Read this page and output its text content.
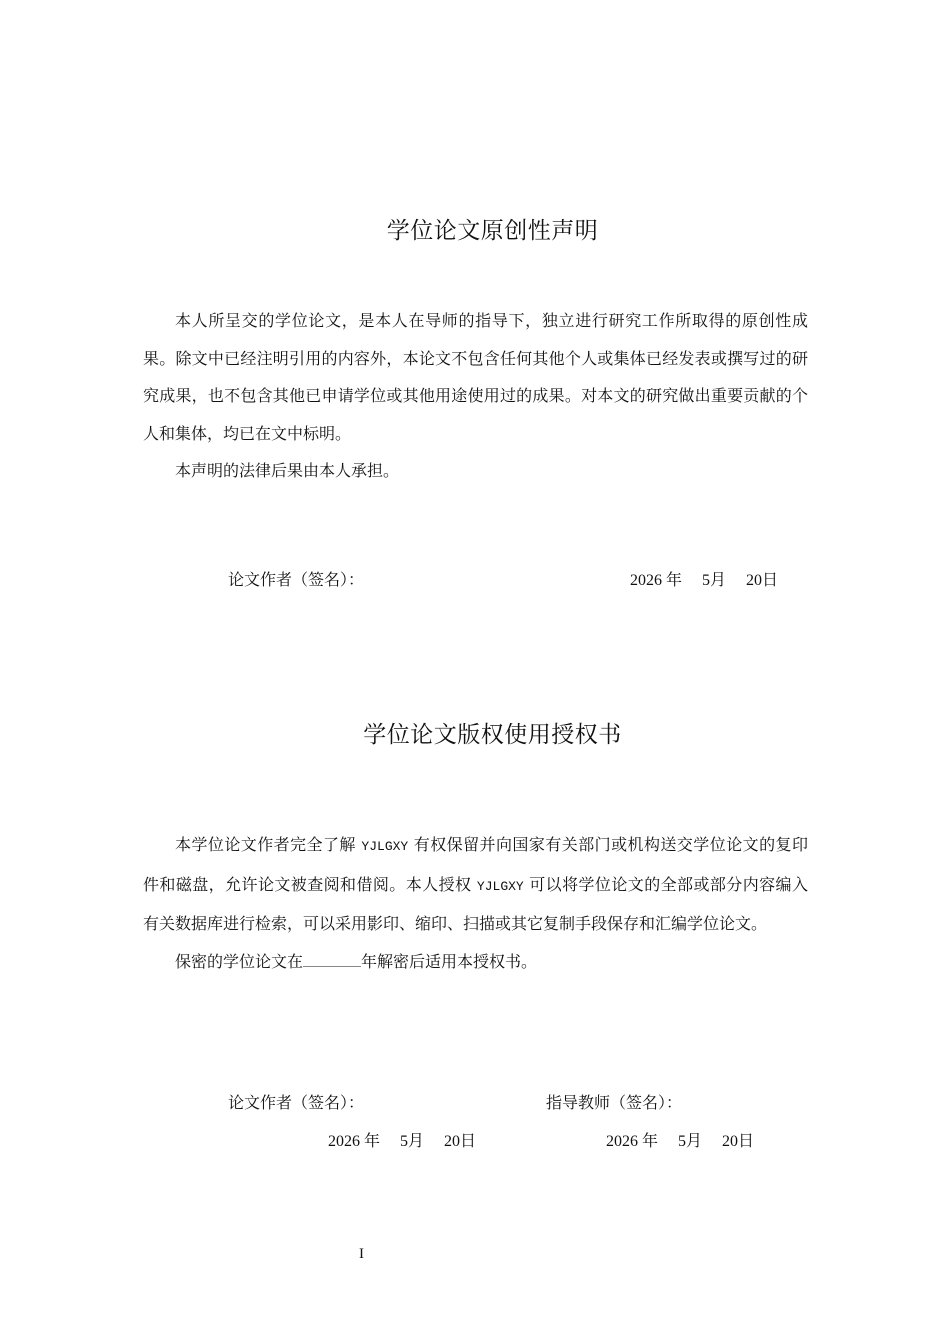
学位论文原创性声明

本人所呈交的学位论文，是本人在导师的指导下，独立进行研究工作所取得的原创性成果。除文中已经注明引用的内容外，本论文不包含任何其他个人或集体已经发表或撰写过的研究成果，也不包含其他已申请学位或其他用途使用过的成果。对本文的研究做出重要贡献的个人和集体，均已在文中标明。

本声明的法律后果由本人承担。

论文作者（签名）：	2026 年 5月 20日
学位论文版权使用授权书

本学位论文作者完全了解 YJLGXY 有权保留并向国家有关部门或机构送交学位论文的复印件和磁盘，允许论文被查阅和借阅。本人授权 YJLGXY 可以将学位论文的全部或部分内容编入有关数据库进行检索，可以采用影印、缩印、扫描或其它复制手段保存和汇编学位论文。

保密的学位论文在	年解密后适用本授权书。

论文作者（签名）：	指导教师（签名）：
2026 年 5月 20日	2026 年 5月 20日
I
